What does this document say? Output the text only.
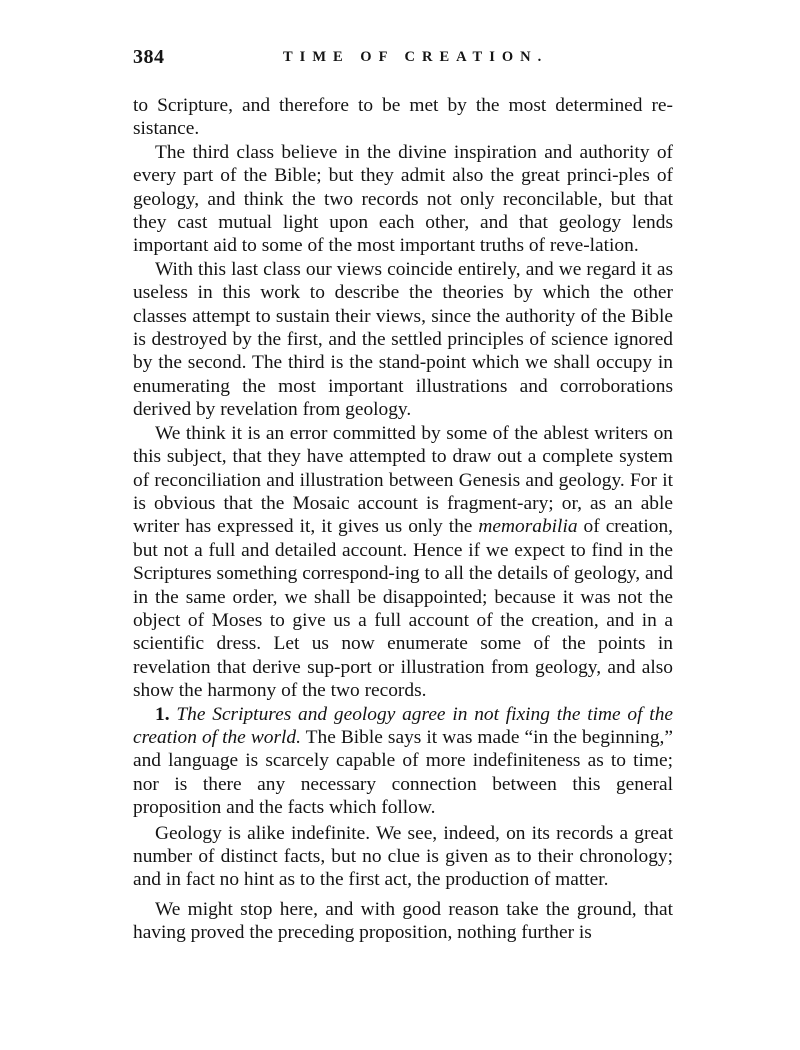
384	TIME OF CREATION.

to Scripture, and therefore to be met by the most determined re-sistance.

The third class believe in the divine inspiration and authority of every part of the Bible; but they admit also the great princi-ples of geology, and think the two records not only reconcilable, but that they cast mutual light upon each other, and that geology lends important aid to some of the most important truths of reve-lation.

With this last class our views coincide entirely, and we regard it as useless in this work to describe the theories by which the other classes attempt to sustain their views, since the authority of the Bible is destroyed by the first, and the settled principles of science ignored by the second. The third is the stand-point which we shall occupy in enumerating the most important illustrations and corroborations derived by revelation from geology.

We think it is an error committed by some of the ablest writers on this subject, that they have attempted to draw out a complete system of reconciliation and illustration between Genesis and geology. For it is obvious that the Mosaic account is fragment-ary; or, as an able writer has expressed it, it gives us only the memorabilia of creation, but not a full and detailed account. Hence if we expect to find in the Scriptures something correspond-ing to all the details of geology, and in the same order, we shall be disappointed; because it was not the object of Moses to give us a full account of the creation, and in a scientific dress. Let us now enumerate some of the points in revelation that derive sup-port or illustration from geology, and also show the harmony of the two records.

1. The Scriptures and geology agree in not fixing the time of the creation of the world. The Bible says it was made “in the beginning,” and language is scarcely capable of more indefiniteness as to time; nor is there any necessary connection between this general proposition and the facts which follow.

Geology is alike indefinite. We see, indeed, on its records a great number of distinct facts, but no clue is given as to their chronology; and in fact no hint as to the first act, the production of matter.

We might stop here, and with good reason take the ground, that having proved the preceding proposition, nothing further is
